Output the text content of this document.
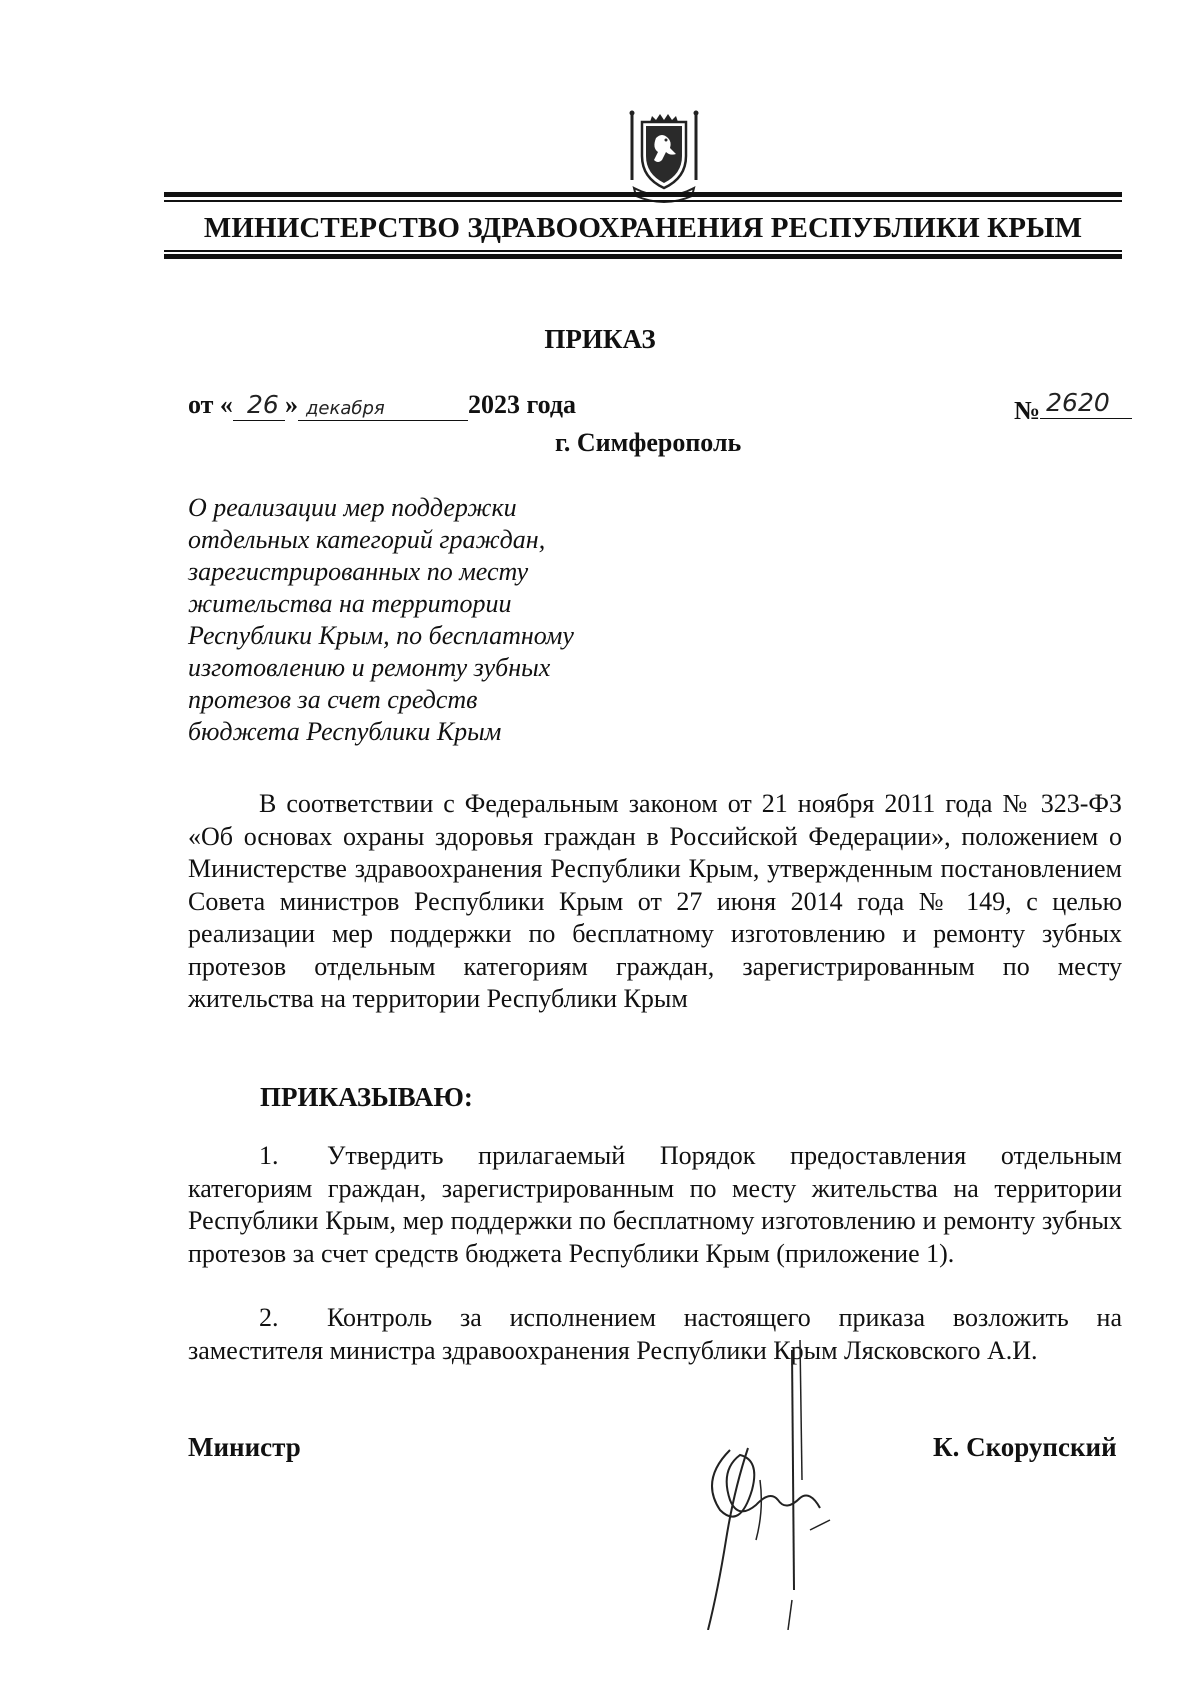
МИНИСТЕРСТВО ЗДРАВООХРАНЕНИЯ РЕСПУБЛИКИ КРЫМ
ПРИКАЗ
от « 26 » декабря	2023 года	№ 2620
г. Симферополь
О реализации мер поддержки
отдельных категорий граждан,
зарегистрированных по месту
жительства на территории
Республики Крым, по бесплатному
изготовлению и ремонту зубных
протезов за счет средств
бюджета Республики Крым
В соответствии с Федеральным законом от 21 ноября 2011 года № 323-ФЗ «Об основах охраны здоровья граждан в Российской Федерации», положением о Министерстве здравоохранения Республики Крым, утвержденным постановлением Совета министров Республики Крым от 27 июня 2014 года № 149, с целью реализации мер поддержки по бесплатному изготовлению и ремонту зубных протезов отдельным категориям граждан, зарегистрированным по месту жительства на территории Республики Крым
ПРИКАЗЫВАЮ:
1. Утвердить прилагаемый Порядок предоставления отдельным категориям граждан, зарегистрированным по месту жительства на территории Республики Крым, мер поддержки по бесплатному изготовлению и ремонту зубных протезов за счет средств бюджета Республики Крым (приложение 1).
2. Контроль за исполнением настоящего приказа возложить на заместителя министра здравоохранения Республики Крым Лясковского А.И.
Министр	К. Скорупский
